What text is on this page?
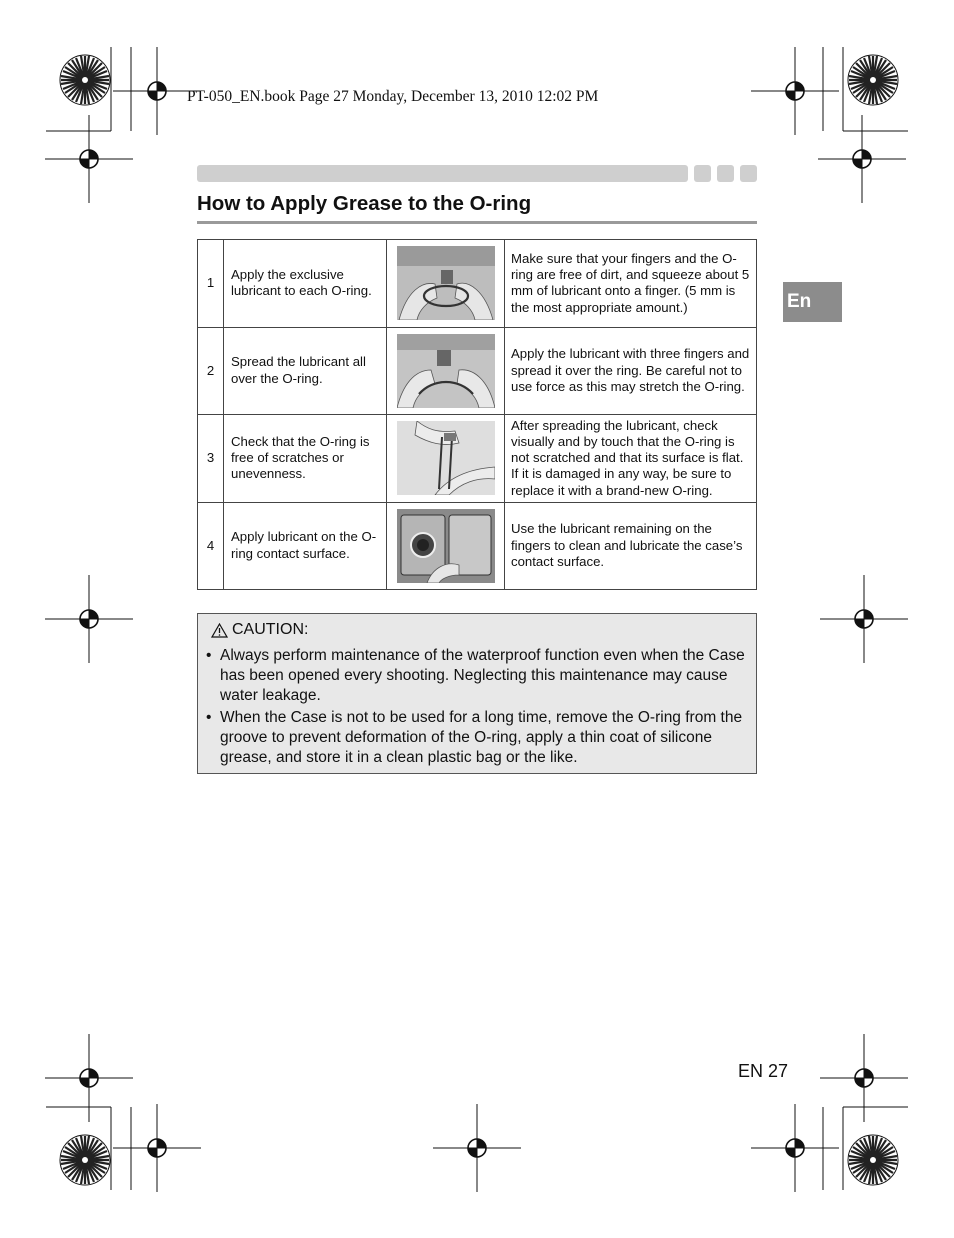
PT-050_EN.book Page 27 Monday, December 13, 2010 12:02 PM
How to Apply Grease to the O-ring
En
1	Apply the exclusive lubricant to each O-ring.		Make sure that your fingers and the O-ring are free of dirt, and squeeze about 5 mm of lubricant onto a finger. (5 mm is the most appropriate amount.)
2	Spread the lubricant all over the O-ring.		Apply the lubricant with three fingers and spread it over the ring. Be careful not to use force as this may stretch the O-ring.
3	Check that the O-ring is free of scratches or unevenness.		After spreading the lubricant, check visually and by touch that the O-ring is not scratched and that its surface is flat. If it is damaged in any way, be sure to replace it with a brand-new O-ring.
4	Apply lubricant on the O-ring contact surface.		Use the lubricant remaining on the fingers to clean and lubricate the case’s contact surface.
CAUTION:
• Always perform maintenance of the waterproof function even when the Case has been opened every shooting. Neglecting this maintenance may cause water leakage.
• When the Case is not to be used for a long time, remove the O-ring from the groove to prevent deformation of the O-ring, apply a thin coat of silicone grease, and store it in a clean plastic bag or the like.
EN 27
